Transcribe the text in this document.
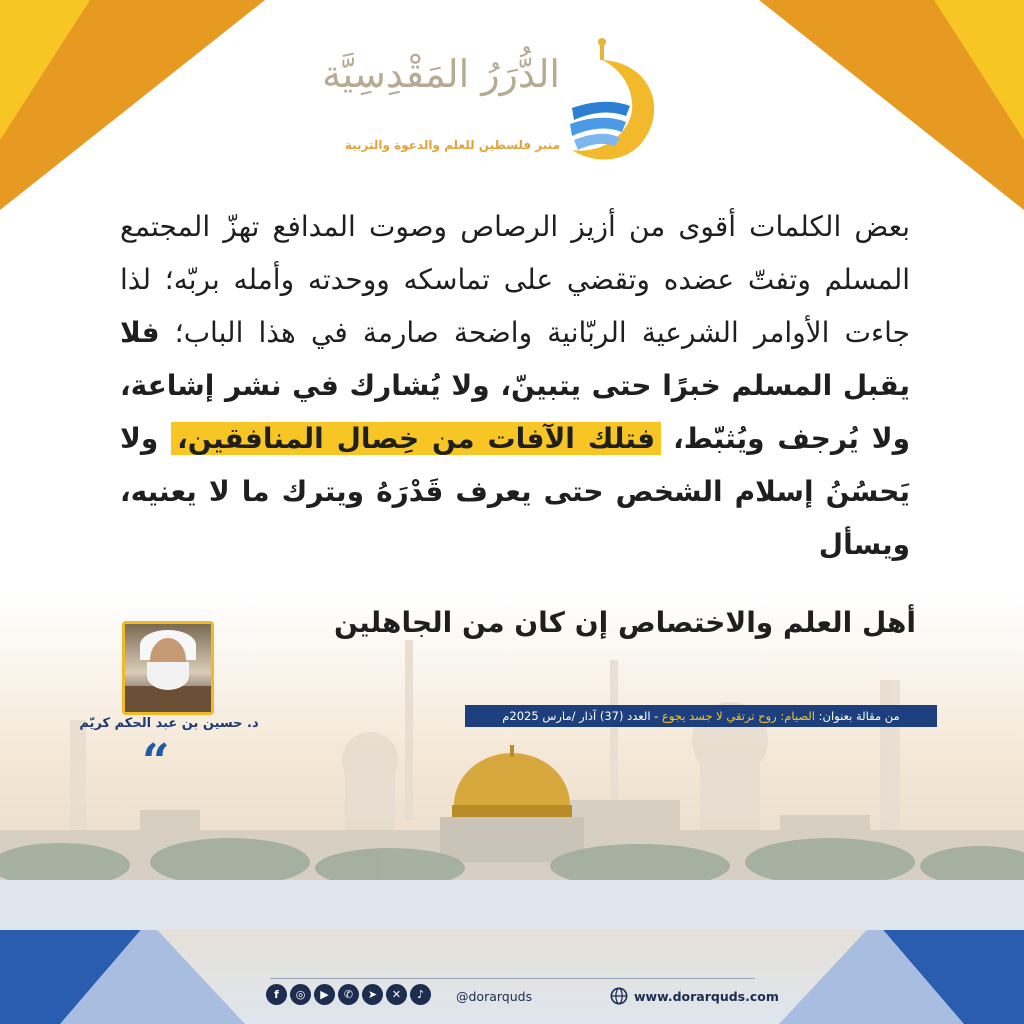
الدُّرَرُ المَقْدِسِيَّة
منبر فلسطين للعلم والدعوة والتربية
بعض الكلمات أقوى من أزيز الرصاص وصوت المدافع تهزّ المجتمع المسلم وتفتّ عضده وتقضي على تماسكه ووحدته وأمله بربّه؛ لذا جاءت الأوامر الشرعية الربّانية واضحة صارمة في هذا الباب؛ فلا يقبل المسلم خبرًا حتى يتبينّ، ولا يُشارك في نشر إشاعة، ولا يُرجف ويُثبّط، فتلك الآفات من خِصال المنافقين، ولا يَحسُنُ إسلام الشخص حتى يعرف قَدْرَهُ ويترك ما لا يعنيه، ويسأل
أهل العلم والاختصاص إن كان من الجاهلين
د. حسين بن عبد الحكم كريّم
“
من مقالة بعنوان: الصيام: روح ترتقي لا جسد يجوع - العدد (37) آذار /مارس 2025م
www.dorarquds.com
f	◎	▶	✆	➤	✕	♪	@dorarquds
